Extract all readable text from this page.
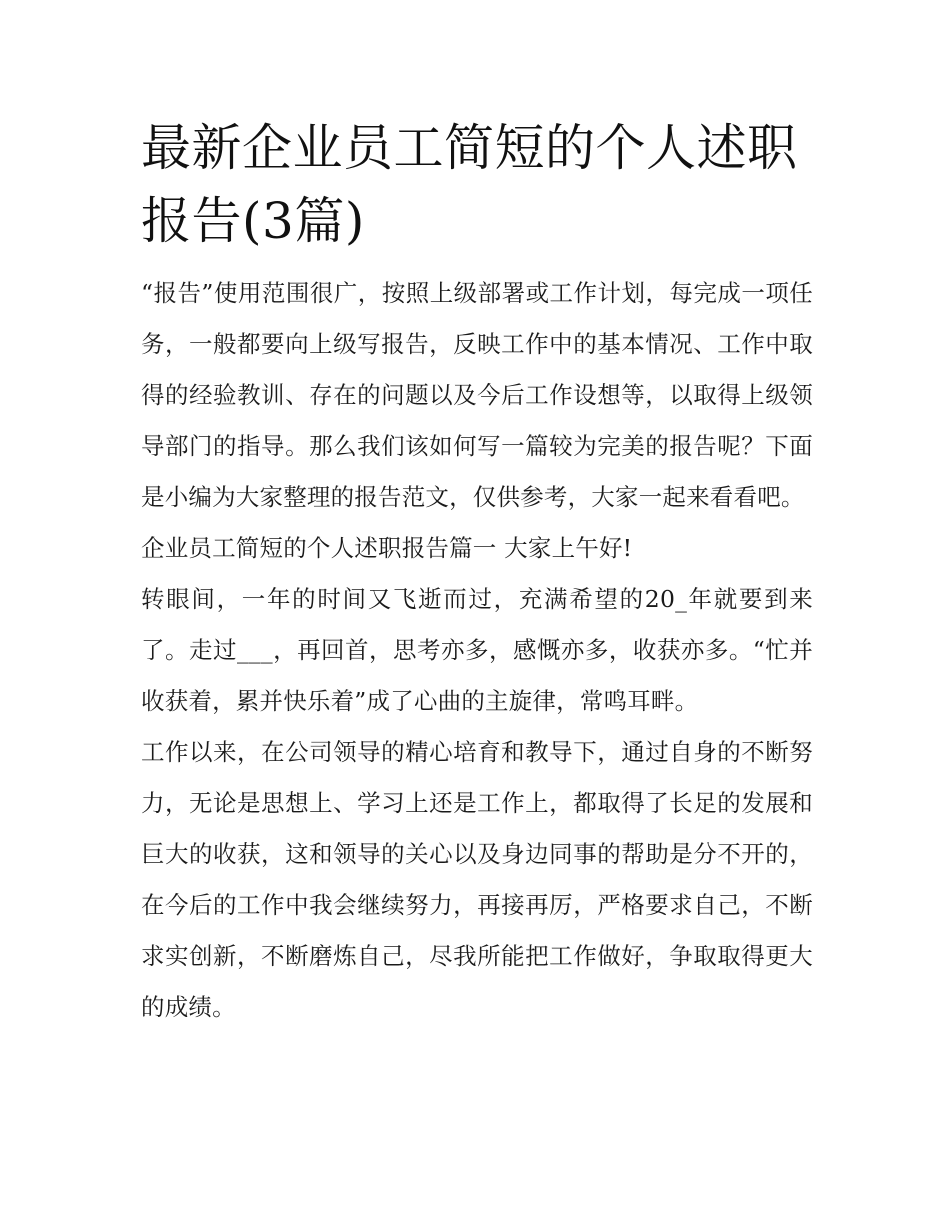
最新企业员工简短的个人述职报告(3篇)

“报告”使用范围很广，按照上级部署或工作计划，每完成一项任务，一般都要向上级写报告，反映工作中的基本情况、工作中取得的经验教训、存在的问题以及今后工作设想等，以取得上级领导部门的指导。那么我们该如何写一篇较为完美的报告呢？下面是小编为大家整理的报告范文，仅供参考，大家一起来看看吧。

企业员工简短的个人述职报告篇一 大家上午好!

转眼间，一年的时间又飞逝而过，充满希望的20_年就要到来了。走过___，再回首，思考亦多，感慨亦多，收获亦多。“忙并收获着，累并快乐着”成了心曲的主旋律，常鸣耳畔。

工作以来，在公司领导的精心培育和教导下，通过自身的不断努力，无论是思想上、学习上还是工作上，都取得了长足的发展和巨大的收获，这和领导的关心以及身边同事的帮助是分不开的，在今后的工作中我会继续努力，再接再厉，严格要求自己，不断求实创新，不断磨炼自己，尽我所能把工作做好，争取取得更大的成绩。
